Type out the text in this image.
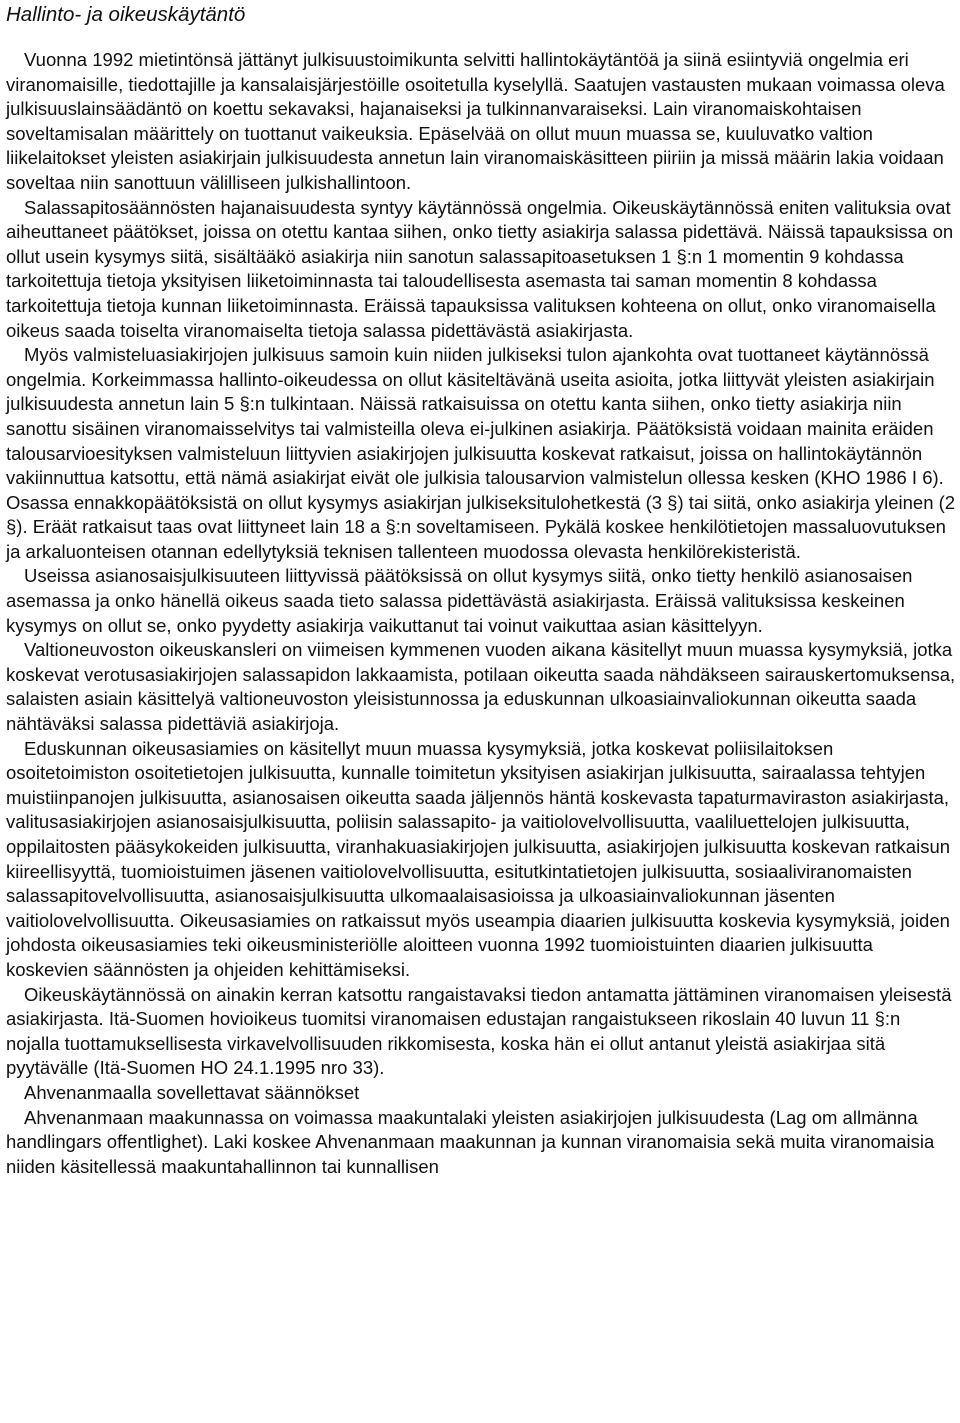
Hallinto- ja oikeuskäytäntö

Vuonna 1992 mietintönsä jättänyt julkisuustoimikunta selvitti hallintokäytäntöä ja siinä esiintyviä ongelmia eri viranomaisille, tiedottajille ja kansalaisjärjestöille osoitetulla kyselyllä. Saatujen vastausten mukaan voimassa oleva julkisuuslainsäädäntö on koettu sekavaksi, hajanaiseksi ja tulkinnanvaraiseksi. Lain viranomaiskohtaisen soveltamisalan määrittely on tuottanut vaikeuksia. Epäselvää on ollut muun muassa se, kuuluvatko valtion liikelaitokset yleisten asiakirjain julkisuudesta annetun lain viranomaiskäsitteen piiriin ja missä määrin lakia voidaan soveltaa niin sanottuun välilliseen julkishallintoon.

Salassapitosäännösten hajanaisuudesta syntyy käytännössä ongelmia. Oikeuskäytännössä eniten valituksia ovat aiheuttaneet päätökset, joissa on otettu kantaa siihen, onko tietty asiakirja salassa pidettävä. Näissä tapauksissa on ollut usein kysymys siitä, sisältääkö asiakirja niin sanotun salassapitoasetuksen 1 §:n 1 momentin 9 kohdassa tarkoitettuja tietoja yksityisen liiketoiminnasta tai taloudellisesta asemasta tai saman momentin 8 kohdassa tarkoitettuja tietoja kunnan liiketoiminnasta. Eräissä tapauksissa valituksen kohteena on ollut, onko viranomaisella oikeus saada toiselta viranomaiselta tietoja salassa pidettävästä asiakirjasta.

Myös valmisteluasiakirjojen julkisuus samoin kuin niiden julkiseksi tulon ajankohta ovat tuottaneet käytännössä ongelmia. Korkeimmassa hallinto-oikeudessa on ollut käsiteltävänä useita asioita, jotka liittyvät yleisten asiakirjain julkisuudesta annetun lain 5 §:n tulkintaan. Näissä ratkaisuissa on otettu kanta siihen, onko tietty asiakirja niin sanottu sisäinen viranomaisselvitys tai valmisteilla oleva ei-julkinen asiakirja. Päätöksistä voidaan mainita eräiden talousarvioesityksen valmisteluun liittyvien asiakirjojen julkisuutta koskevat ratkaisut, joissa on hallintokäytännön vakiinnuttua katsottu, että nämä asiakirjat eivät ole julkisia talousarvion valmistelun ollessa kesken (KHO 1986 I 6). Osassa ennakkopäätöksistä on ollut kysymys asiakirjan julkiseksitulohetkestä (3 §) tai siitä, onko asiakirja yleinen (2 §). Eräät ratkaisut taas ovat liittyneet lain 18 a §:n soveltamiseen. Pykälä koskee henkilötietojen massaluovutuksen ja arkaluonteisen otannan edellytyksiä teknisen tallenteen muodossa olevasta henkilörekisteristä.

Useissa asianosaisjulkisuuteen liittyvissä päätöksissä on ollut kysymys siitä, onko tietty henkilö asianosaisen asemassa ja onko hänellä oikeus saada tieto salassa pidettävästä asiakirjasta. Eräissä valituksissa keskeinen kysymys on ollut se, onko pyydetty asiakirja vaikuttanut tai voinut vaikuttaa asian käsittelyyn.

Valtioneuvoston oikeuskansleri on viimeisen kymmenen vuoden aikana käsitellyt muun muassa kysymyksiä, jotka koskevat verotusasiakirjojen salassapidon lakkaamista, potilaan oikeutta saada nähdäkseen sairauskertomuksensa, salaisten asiain käsittelyä valtioneuvoston yleisistunnossa ja eduskunnan ulkoasiainvaliokunnan oikeutta saada nähtäväksi salassa pidettäviä asiakirjoja.

Eduskunnan oikeusasiamies on käsitellyt muun muassa kysymyksiä, jotka koskevat poliisilaitoksen osoitetoimiston osoitetietojen julkisuutta, kunnalle toimitetun yksityisen asiakirjan julkisuutta, sairaalassa tehtyjen muistiinpanojen julkisuutta, asianosaisen oikeutta saada jäljennös häntä koskevasta tapaturmaviraston asiakirjasta, valitusasiakirjojen asianosaisjulkisuutta, poliisin salassapito- ja vaitiolovelvollisuutta, vaaliluettelojen julkisuutta, oppilaitosten pääsykokeiden julkisuutta, viranhakuasiakirjojen julkisuutta, asiakirjojen julkisuutta koskevan ratkaisun kiireellisyyttä, tuomioistuimen jäsenen vaitiolovelvollisuutta, esitutkintatietojen julkisuutta, sosiaaliviranomaisten salassapitovelvollisuutta, asianosaisjulkisuutta ulkomaalaisasioissa ja ulkoasiainvaliokunnan jäsenten vaitiolovelvollisuutta. Oikeusasiamies on ratkaissut myös useampia diaarien julkisuutta koskevia kysymyksiä, joiden johdosta oikeusasiamies teki oikeusministeriölle aloitteen vuonna 1992 tuomioistuinten diaarien julkisuutta koskevien säännösten ja ohjeiden kehittämiseksi.

Oikeuskäytännössä on ainakin kerran katsottu rangaistavaksi tiedon antamatta jättäminen viranomaisen yleisestä asiakirjasta. Itä-Suomen hovioikeus tuomitsi viranomaisen edustajan rangaistukseen rikoslain 40 luvun 11 §:n nojalla tuottamuksellisesta virkavelvollisuuden rikkomisesta, koska hän ei ollut antanut yleistä asiakirjaa sitä pyytävälle (Itä-Suomen HO 24.1.1995 nro 33).

Ahvenanmaalla sovellettavat säännökset

Ahvenanmaan maakunnassa on voimassa maakuntalaki yleisten asiakirjojen julkisuudesta (Lag om allmänna handlingars offentlighet). Laki koskee Ahvenanmaan maakunnan ja kunnan viranomaisia sekä muita viranomaisia niiden käsitellessä maakuntahallinnon tai kunnallisen
